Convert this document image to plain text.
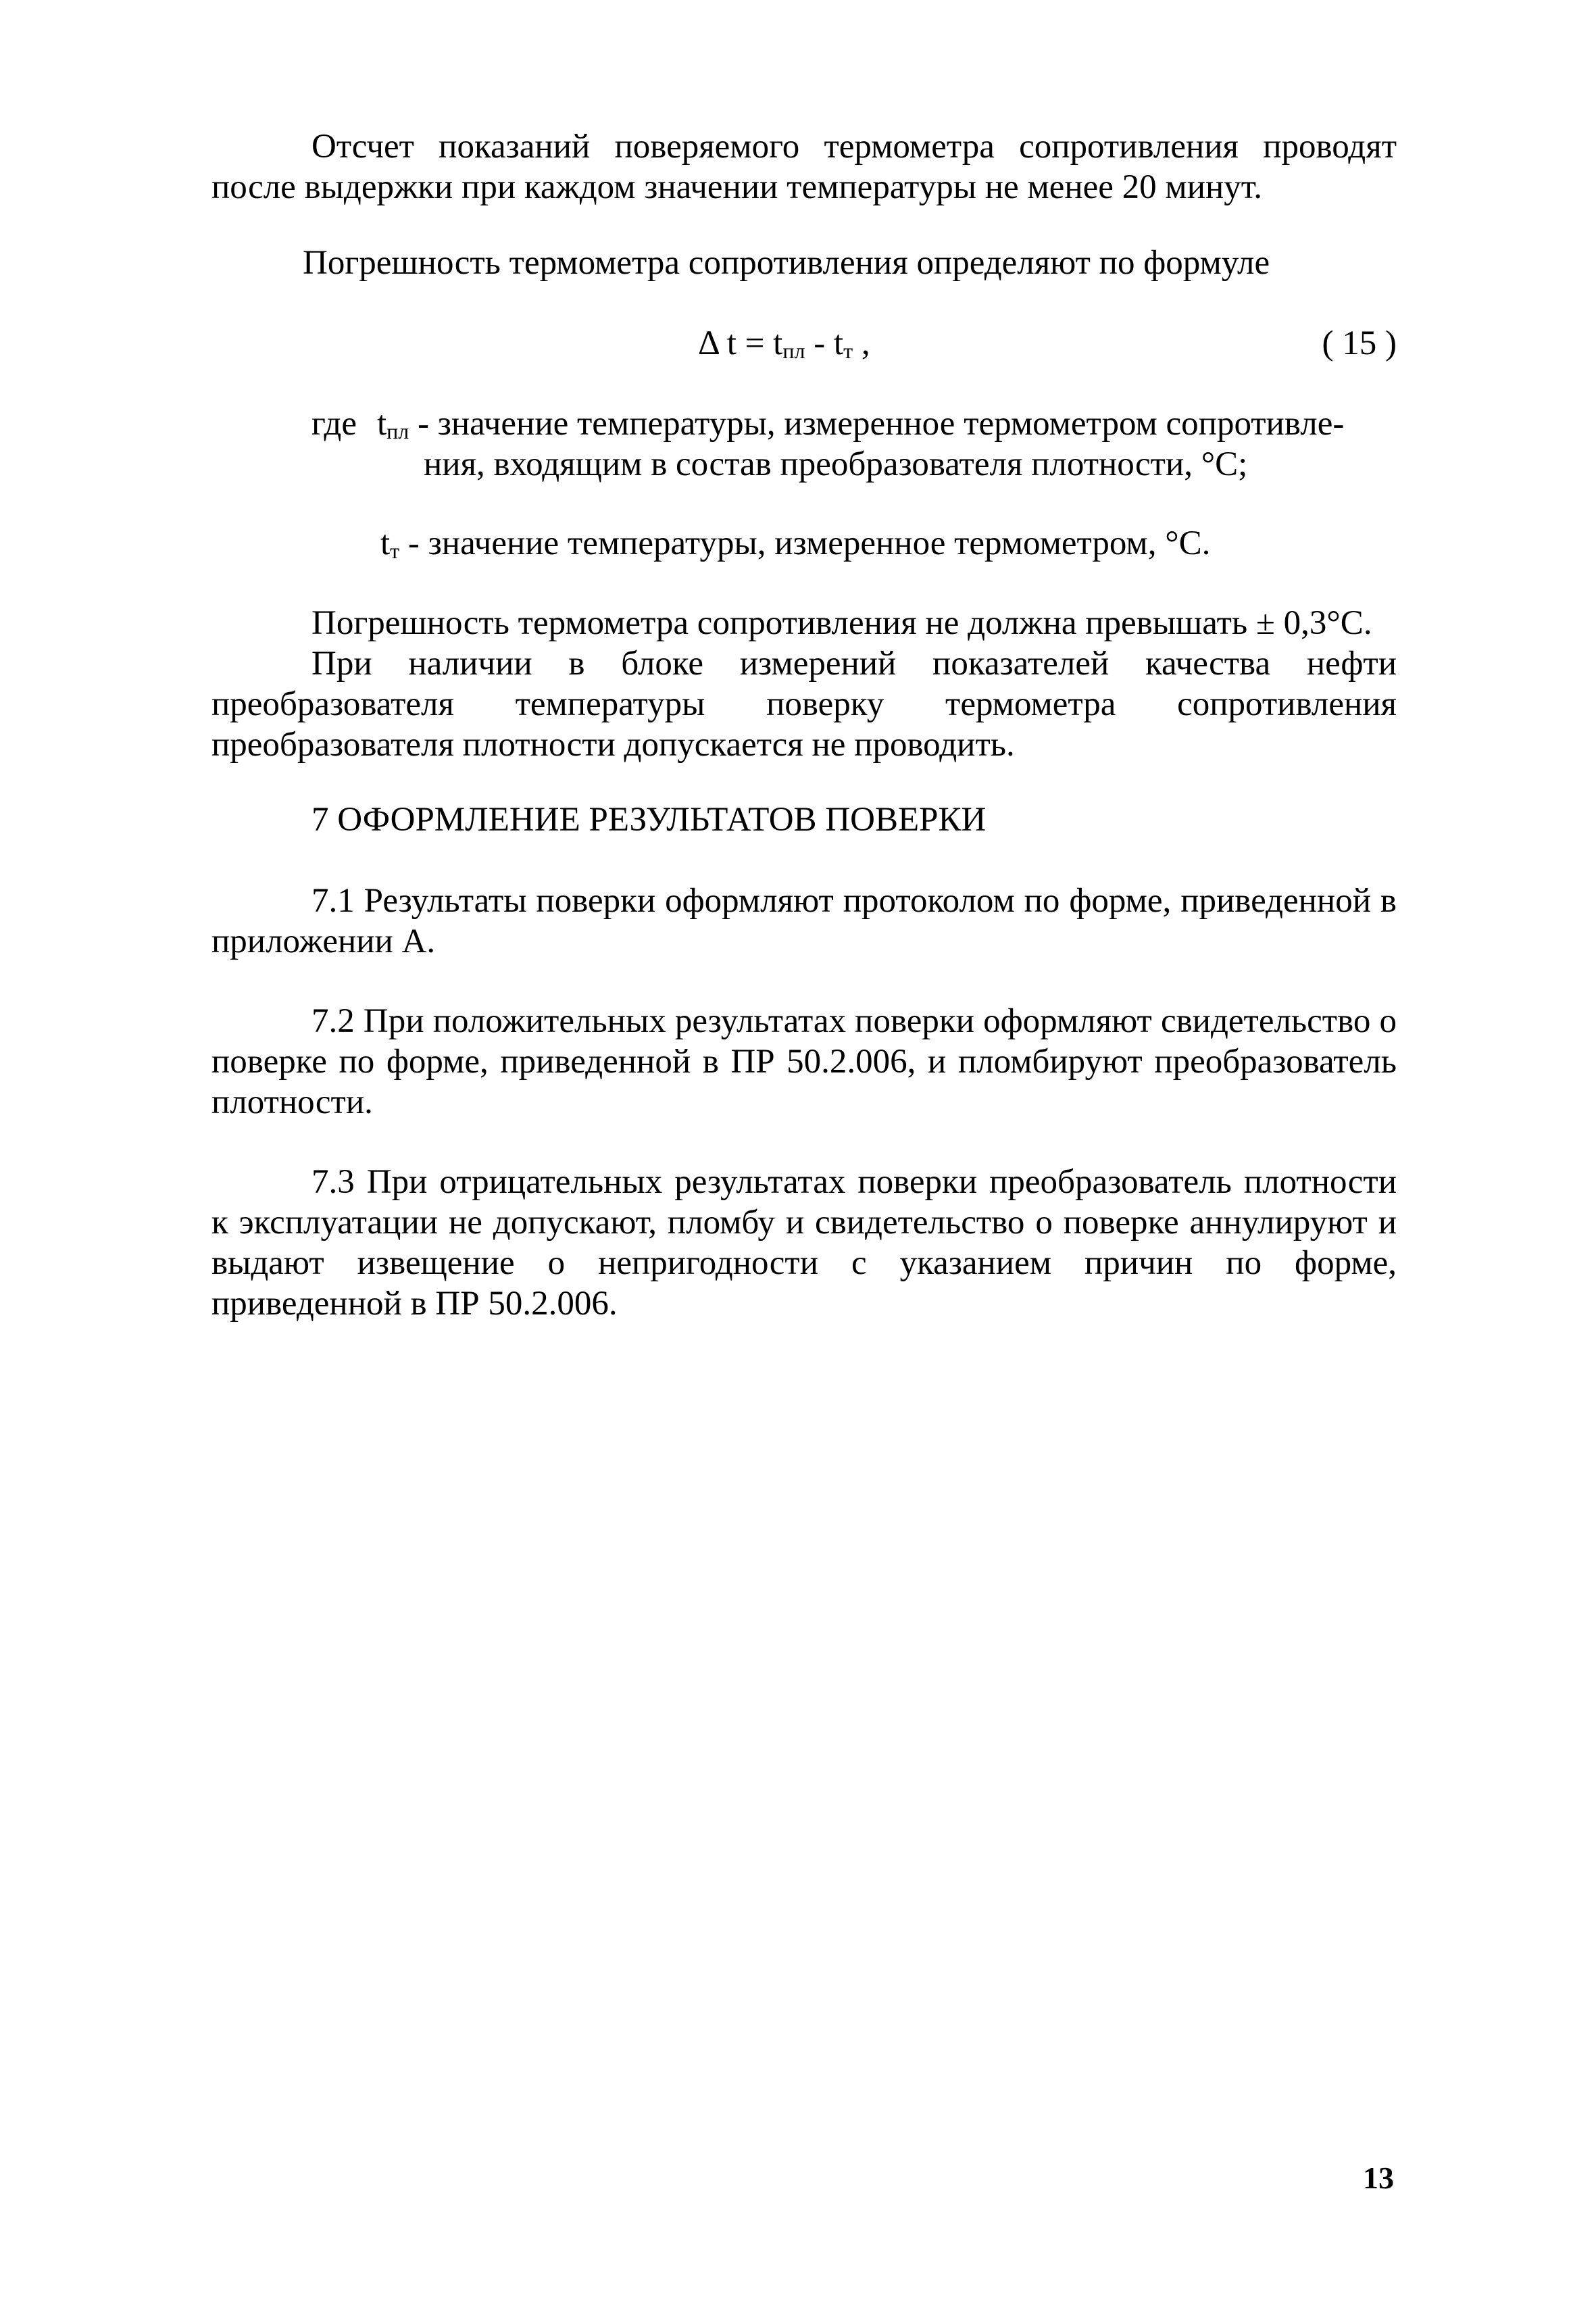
Отсчет показаний поверяемого термометра сопротивления проводят после выдержки при каждом значении температуры не менее 20 минут.

Погрешность термометра сопротивления определяют по формуле

Δ $t = t_{пл} - t_т$ ,	( 15 )

где $t_{пл}$ - значение температуры, измеренное термометром сопротивле-

ния, входящим в состав преобразователя плотности, °С;

$t_т$ - значение температуры, измеренное термометром, °С.

Погрешность термометра сопротивления не должна превышать ± 0,3°С.

При наличии в блоке измерений показателей качества нефти преобразователя температуры поверку термометра сопротивления преобразователя плотности допускается не проводить.

7 ОФОРМЛЕНИЕ РЕЗУЛЬТАТОВ ПОВЕРКИ

7.1 Результаты поверки оформляют протоколом по форме, приведенной в приложении А.

7.2 При положительных результатах поверки оформляют свидетельство о поверке по форме, приведенной в ПР 50.2.006, и пломбируют преобразователь плотности.

7.3 При отрицательных результатах поверки преобразователь плотности к эксплуатации не допускают, пломбу и свидетельство о поверке аннулируют и выдают извещение о непригодности с указанием причин по форме, приведенной в ПР 50.2.006.

13
